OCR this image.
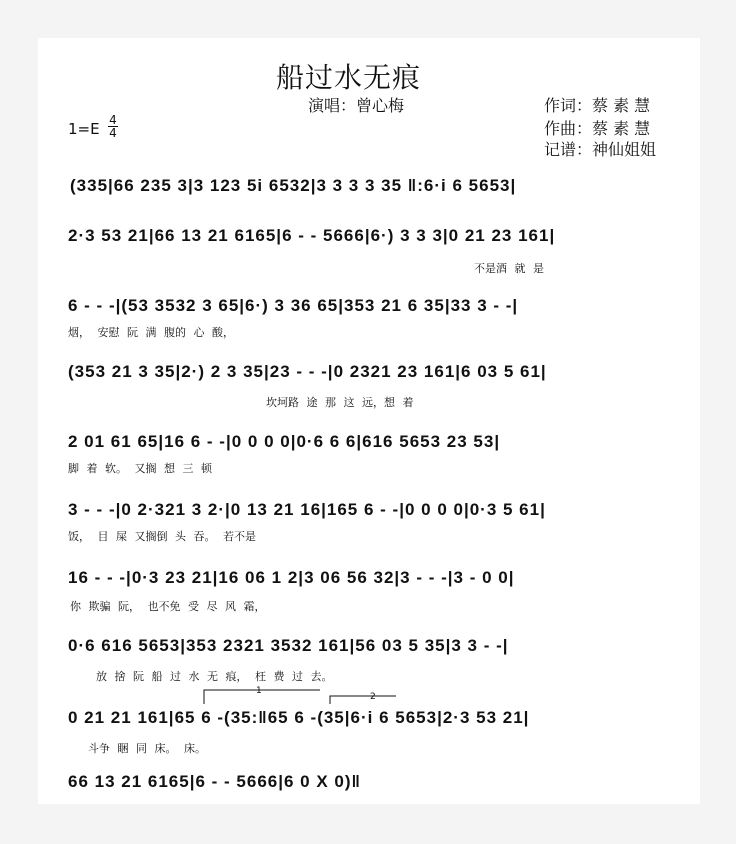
船过水无痕
演唱：曾心梅	作词：蔡 素 慧
作曲：蔡 素 慧
记谱：神仙姐姐
1=E 4
4
(335|66 235 3|3 123 5i 6532|3 3 3 3 35 ‖:6·i 6 5653|
2·3 53 21|66 13 21 6165|6 - - 5666|6·) 3 3 3|0 21 23 161|
不是酒 就 是
6 - - -|(53 3532 3 65|6·) 3 36 65|353 21 6 35|33 3 - -|
烟， 安慰 阮 满 腹的 心 酸，
(353 21 3 35|2·) 2 3 35|23 - - -|0 2321 23 161|6 03 5 61|
坎坷路 途 那 这 远，想 着
2 01 61 65|16 6 - -|0 0 0 0|0·6 6 6|616 5653 23 53|
脚 着 软。 又搁 想 三 顿
3 - - -|0 2·321 3 2·|0 13 21 16|165 6 - -|0 0 0 0|0·3 5 61|
饭， 目 屎 又搁倒 头 吞。 若不是
16 - - -|0·3 23 21|16 06 1 2|3 06 56 32|3 - - -|3 - 0 0|
你 欺骗 阮， 也不免 受 尽 风 霜，
0·6 616 5653|353 2321 3532 161|56 03 5 35|3 3 - -|
放 捨 阮 船 过 水 无 痕， 枉 费 过 去。
1
2
0 21 21 161|65 6 -(35:‖65 6 -(35|6·i 6 5653|2·3 53 21|
斗争 睏 同 床。 床。
66 13 21 6165|6 - - 5666|6 0 X 0)‖
